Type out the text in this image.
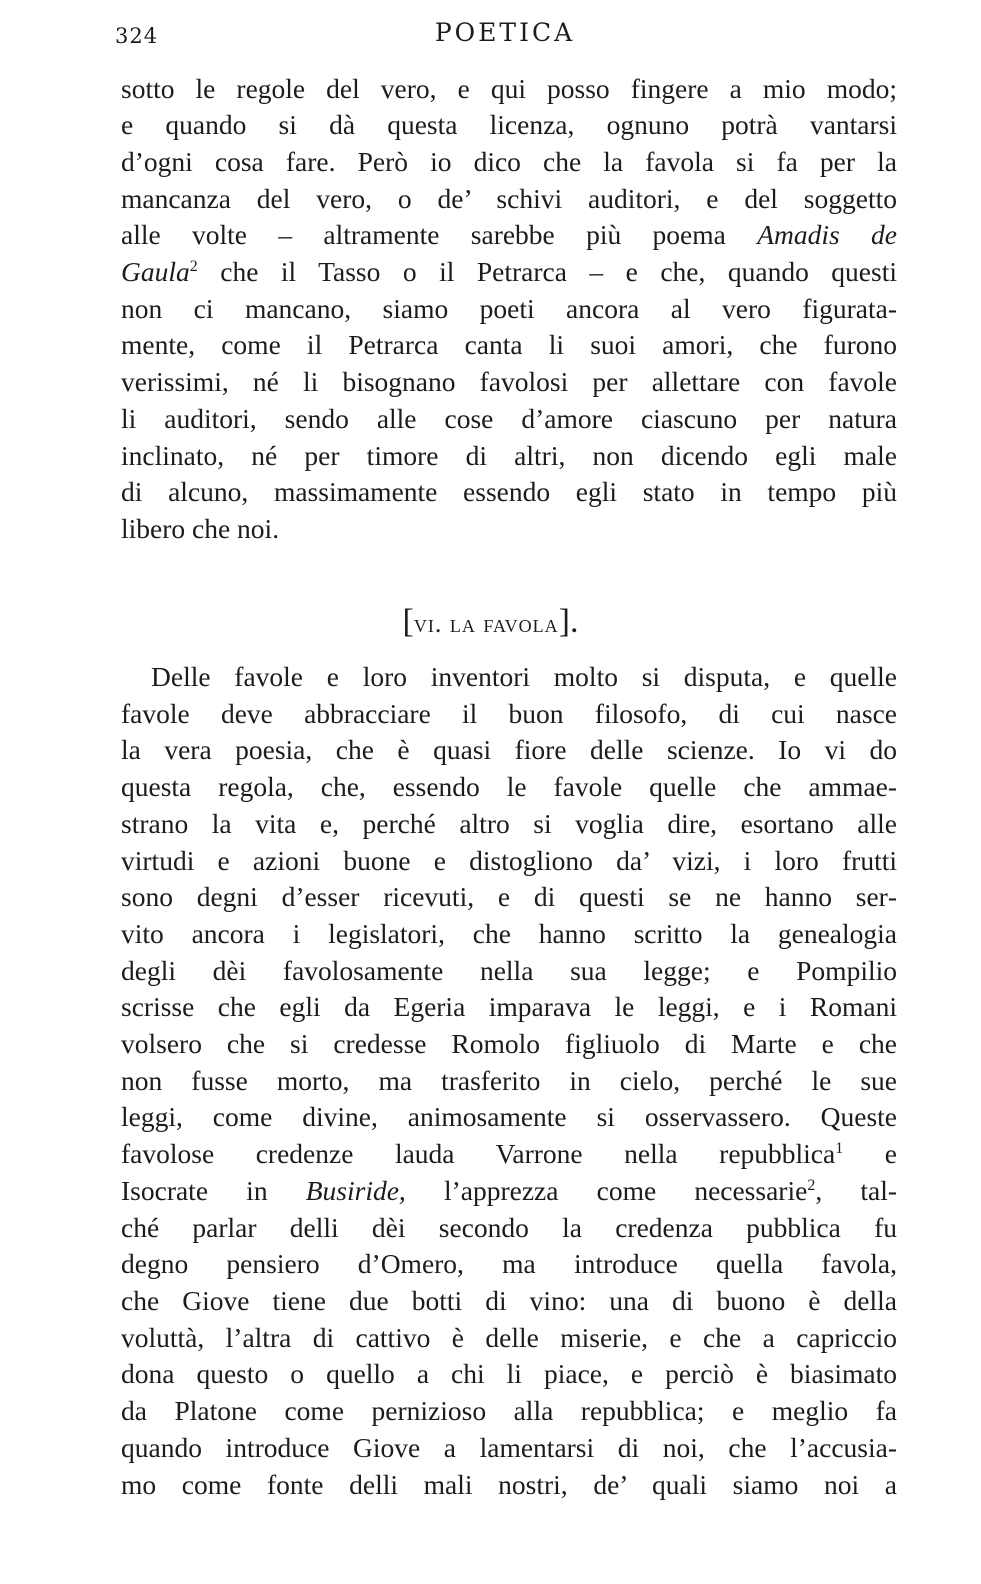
324	POETICA
sotto le regole del vero, e qui posso fingere a mio modo;
e quando si dà questa licenza, ognuno potrà vantarsi
d’ogni cosa fare. Però io dico che la favola si fa per la
mancanza del vero, o de’ schivi auditori, e del soggetto
alle volte – altramente sarebbe più poema Amadis de
Gaula$^2$ che il Tasso o il Petrarca – e che, quando questi
non ci mancano, siamo poeti ancora al vero figurata‑
mente, come il Petrarca canta li suoi amori, che furono
verissimi, né li bisognano favolosi per allettare con favole
li auditori, sendo alle cose d’amore ciascuno per natura
inclinato, né per timore di altri, non dicendo egli male
di alcuno, massimamente essendo egli stato in tempo più
libero che noi.
[vi. la favola].
Delle favole e loro inventori molto si disputa, e quelle
favole deve abbracciare il buon filosofo, di cui nasce
la vera poesia, che è quasi fiore delle scienze. Io vi do
questa regola, che, essendo le favole quelle che ammae‑
strano la vita e, perché altro si voglia dire, esortano alle
virtudi e azioni buone e distogliono da’ vizi, i loro frutti
sono degni d’esser ricevuti, e di questi se ne hanno ser‑
vito ancora i legislatori, che hanno scritto la genealogia
degli dèi favolosamente nella sua legge; e Pompilio
scrisse che egli da Egeria imparava le leggi, e i Romani
volsero che si credesse Romolo figliuolo di Marte e che
non fusse morto, ma trasferito in cielo, perché le sue
leggi, come divine, animosamente si osservassero. Queste
favolose credenze lauda Varrone nella repubblica$^1$ e
Isocrate in Busiride, l’apprezza come necessarie$^2$, tal‑
ché parlar delli dèi secondo la credenza pubblica fu
degno pensiero d’Omero, ma introduce quella favola,
che Giove tiene due botti di vino: una di buono è della
voluttà, l’altra di cattivo è delle miserie, e che a capriccio
dona questo o quello a chi li piace, e perciò è biasimato
da Platone come pernizioso alla repubblica; e meglio fa
quando introduce Giove a lamentarsi di noi, che l’accusia‑
mo come fonte delli mali nostri, de’ quali siamo noi a
